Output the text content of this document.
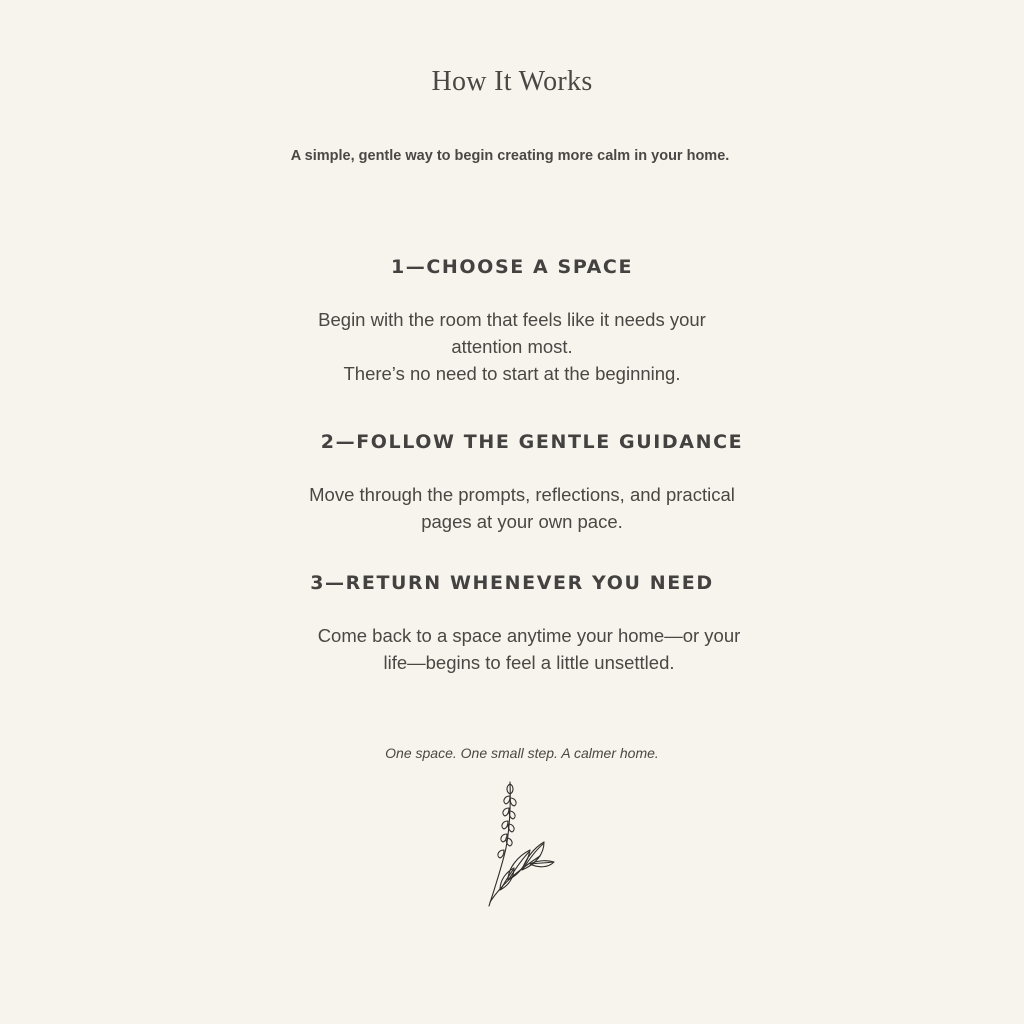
How It Works
A simple, gentle way to begin creating more calm in your home.
1—CHOOSE A SPACE
Begin with the room that feels like it needs your
attention most.
There’s no need to start at the beginning.
2—FOLLOW THE GENTLE GUIDANCE
Move through the prompts, reflections, and practical
pages at your own pace.
3—RETURN WHENEVER YOU NEED
Come back to a space anytime your home—or your
life—begins to feel a little unsettled.
One space. One small step. A calmer home.
